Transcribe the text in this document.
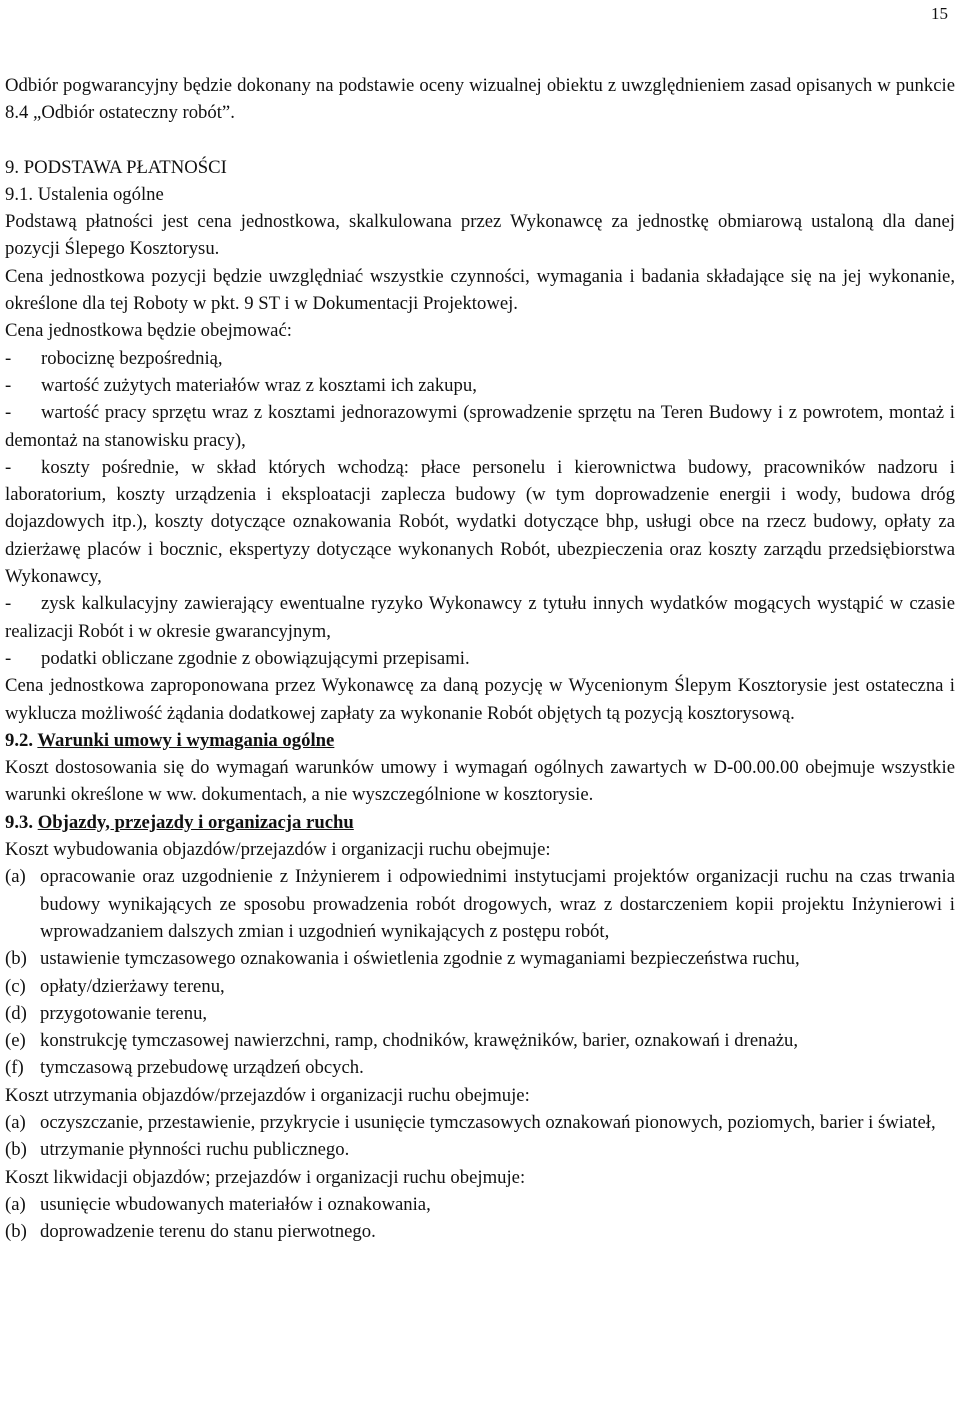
15

Odbiór pogwarancyjny będzie dokonany na podstawie oceny wizualnej obiektu z uwzględnieniem zasad opisanych w punkcie 8.4 „Odbiór ostateczny robót”.

9. PODSTAWA PŁATNOŚCI

9.1. Ustalenia ogólne

Podstawą płatności jest cena jednostkowa, skalkulowana przez Wykonawcę za jednostkę obmiarową ustaloną dla danej pozycji Ślepego Kosztorysu.

Cena jednostkowa pozycji będzie uwzględniać wszystkie czynności, wymagania i badania składające się na jej wykonanie, określone dla tej Roboty w pkt. 9 ST i w Dokumentacji Projektowej.

Cena jednostkowa będzie obejmować:

- robociznę bezpośrednią,

- wartość zużytych materiałów wraz z kosztami ich zakupu,

- wartość pracy sprzętu wraz z kosztami jednorazowymi (sprowadzenie sprzętu na Teren Budowy i z powrotem, montaż i demontaż na stanowisku pracy),

- koszty pośrednie, w skład których wchodzą: płace personelu i kierownictwa budowy, pracowników nadzoru i laboratorium, koszty urządzenia i eksploatacji zaplecza budowy (w tym doprowadzenie energii i wody, budowa dróg dojazdowych itp.), koszty dotyczące oznakowania Robót, wydatki dotyczące bhp, usługi obce na rzecz budowy, opłaty za dzierżawę placów i bocznic, ekspertyzy dotyczące wykonanych Robót, ubezpieczenia oraz koszty zarządu przedsiębiorstwa Wykonawcy,

- zysk kalkulacyjny zawierający ewentualne ryzyko Wykonawcy z tytułu innych wydatków mogących wystąpić w czasie realizacji Robót i w okresie gwarancyjnym,

- podatki obliczane zgodnie z obowiązującymi przepisami.

Cena jednostkowa zaproponowana przez Wykonawcę za daną pozycję w Wycenionym Ślepym Kosztorysie jest ostateczna i wyklucza możliwość żądania dodatkowej zapłaty za wykonanie Robót objętych tą pozycją kosztorysową.

9.2. Warunki umowy i wymagania ogólne

Koszt dostosowania się do wymagań warunków umowy i wymagań ogólnych zawartych w D-00.00.00 obejmuje wszystkie warunki określone w ww. dokumentach, a nie wyszczególnione w kosztorysie.

9.3. Objazdy, przejazdy i organizacja ruchu

Koszt wybudowania objazdów/przejazdów i organizacji ruchu obejmuje:

(a) opracowanie oraz uzgodnienie z Inżynierem i odpowiednimi instytucjami projektów organizacji ruchu na czas trwania budowy wynikających ze sposobu prowadzenia robót drogowych, wraz z dostarczeniem kopii projektu Inżynierowi i wprowadzaniem dalszych zmian i uzgodnień wynikających z postępu robót,
(b) ustawienie tymczasowego oznakowania i oświetlenia zgodnie z wymaganiami bezpieczeństwa ruchu,
(c) opłaty/dzierżawy terenu,
(d) przygotowanie terenu,
(e) konstrukcję tymczasowej nawierzchni, ramp, chodników, krawężników, barier, oznakowań i drenażu,
(f) tymczasową przebudowę urządzeń obcych.

Koszt utrzymania objazdów/przejazdów i organizacji ruchu obejmuje:

(a) oczyszczanie, przestawienie, przykrycie i usunięcie tymczasowych oznakowań pionowych, poziomych, barier i świateł,
(b) utrzymanie płynności ruchu publicznego.

Koszt likwidacji objazdów; przejazdów i organizacji ruchu obejmuje:

(a) usunięcie wbudowanych materiałów i oznakowania,
(b) doprowadzenie terenu do stanu pierwotnego.
